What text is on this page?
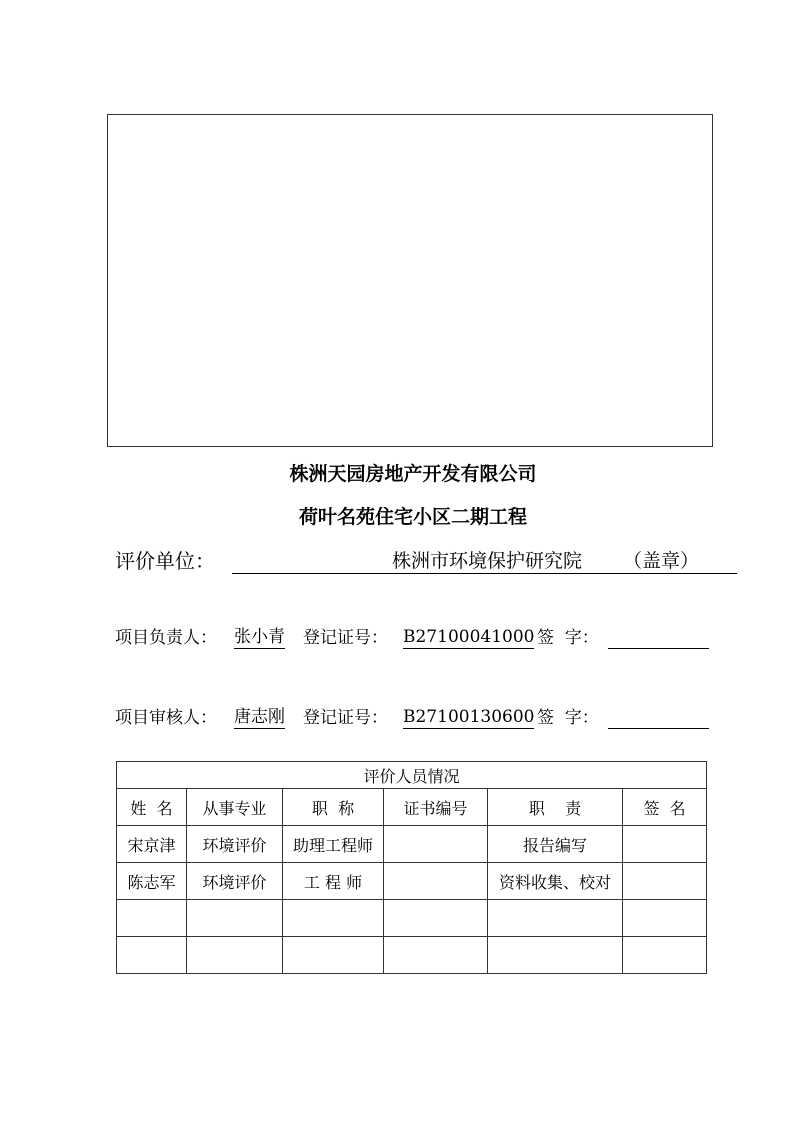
株洲天园房地产开发有限公司
荷叶名苑住宅小区二期工程
评价单位：	株洲市环境保护研究院	（盖章）
项目负责人： 张小青 登记证号： B27100041000 签  字：
项目审核人： 唐志刚 登记证号： B27100130600 签  字：
评价人员情况					
姓  名	从事专业	职  称	证书编号	职    责	签  名
宋京津	环境评价	助理工程师		报告编写	
陈志军	环境评价	工 程 师		资料收集、校对	
